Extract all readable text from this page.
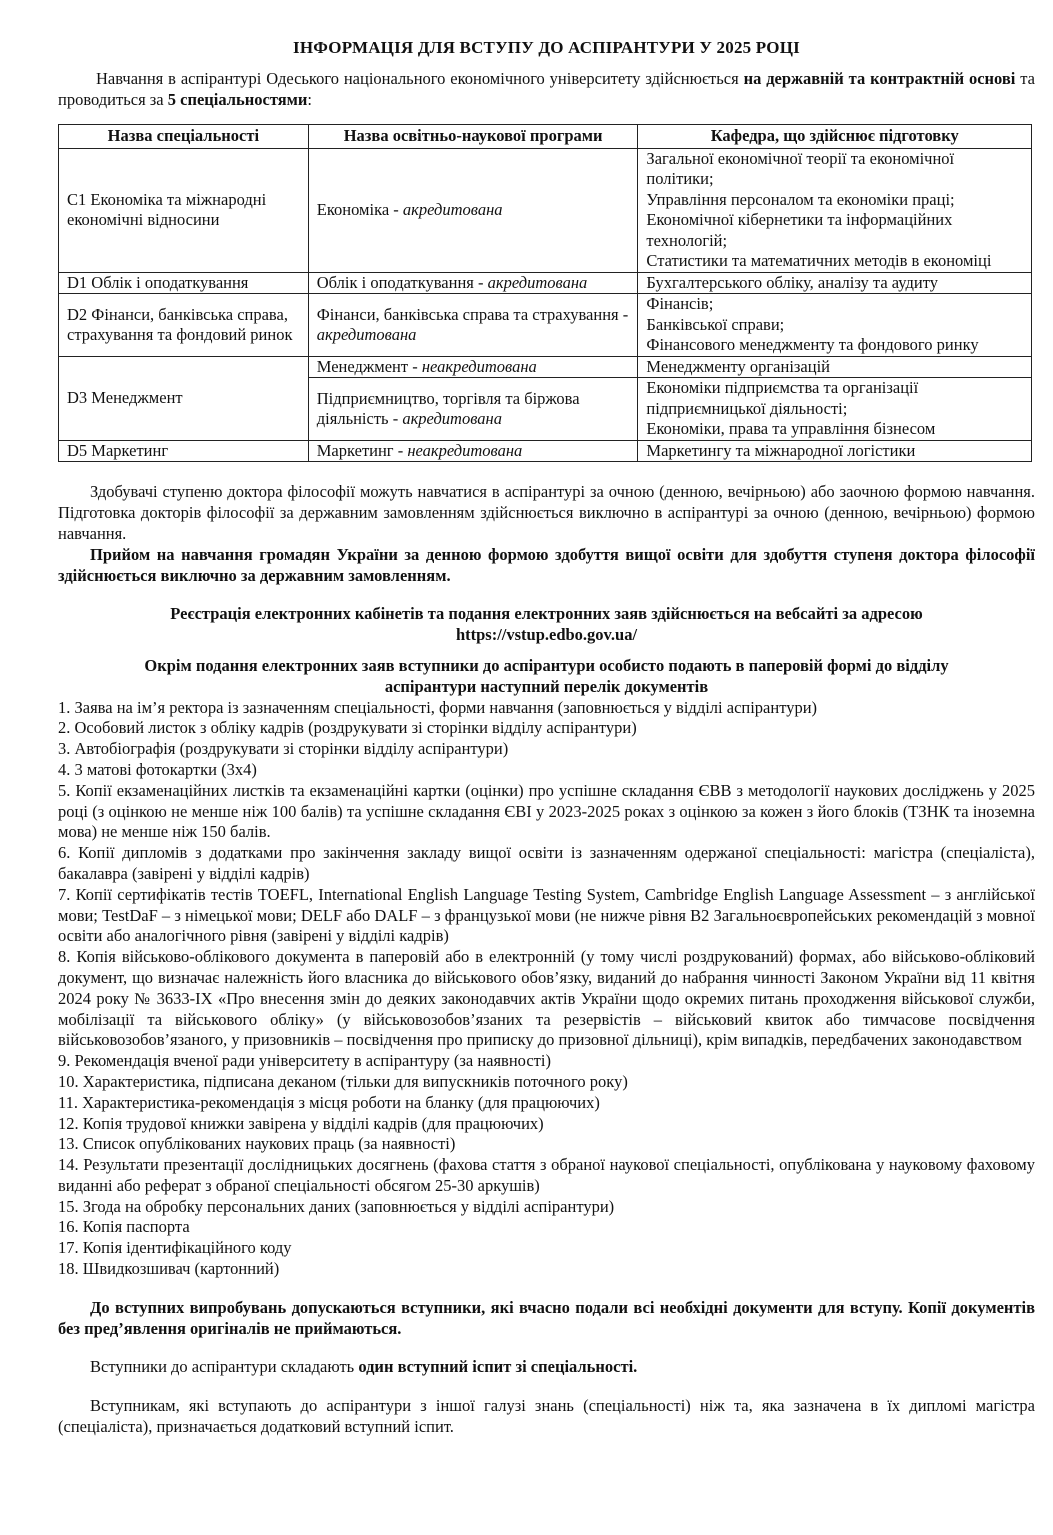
ІНФОРМАЦІЯ ДЛЯ ВСТУПУ ДО АСПІРАНТУРИ У 2025 РОЦІ

Навчання в аспірантурі Одеського національного економічного університету здійснюється на державній та контрактній основі та проводиться за 5 спеціальностями:

Назва спеціальності	Назва освітньо-наукової програми	Кафедра, що здійснює підготовку
С1 Економіка та міжнародні економічні відносини	Економіка - акредитована	Загальної економічної теорії та економічної політики;
Управління персоналом та економіки праці;
Економічної кібернетики та інформаційних технологій;
Статистики та математичних методів в економіці

D1 Облік і оподаткування	Облік і оподаткування - акредитована	Бухгалтерського обліку, аналізу та аудиту
D2 Фінанси, банківська справа, страхування та фондовий ринок	Фінанси, банківська справа та страхування - акредитована	Фінансів;
Банківської справи;
Фінансового менеджменту та фондового ринку

D3 Менеджмент	Менеджмент - неакредитована	Менеджменту організацій
	Підприємництво, торгівля та біржова діяльність - акредитована	Економіки підприємства та організації підприємницької діяльності;
Економіки, права та управління бізнесом

D5 Маркетинг	Маркетинг - неакредитована	Маркетингу та міжнародної логістики

Здобувачі ступеню доктора філософії можуть навчатися в аспірантурі за очною (денною, вечірньою) або заочною формою навчання. Підготовка докторів філософії за державним замовленням здійснюється виключно в аспірантурі за очною (денною, вечірньою) формою навчання.

Прийом на навчання громадян України за денною формою здобуття вищої освіти для здобуття ступеня доктора філософії здійснюється виключно за державним замовленням.

Реєстрація електронних кабінетів та подання електронних заяв здійснюється на вебсайті за адресою

https://vstup.edbo.gov.ua/

Окрім подання електронних заяв вступники до аспірантури особисто подають в паперовій формі до відділу

аспірантури наступний перелік документів

1. Заява на ім’я ректора із зазначенням спеціальності, форми навчання (заповнюється у відділі аспірантури)
2. Особовий листок з обліку кадрів (роздрукувати зі сторінки відділу аспірантури)
3. Автобіографія (роздрукувати зі сторінки відділу аспірантури)
4. 3 матові фотокартки (3х4)
5. Копії екзаменаційних листків та екзаменаційні картки (оцінки) про успішне складання ЄВВ з методології наукових досліджень у 2025 році (з оцінкою не менше ніж 100 балів) та успішне складання ЄВІ у 2023-2025 роках з оцінкою за кожен з його блоків (ТЗНК та іноземна мова) не менше ніж 150 балів.
6. Копії дипломів з додатками про закінчення закладу вищої освіти із зазначенням одержаної спеціальності: магістра (спеціаліста), бакалавра (завірені у відділі кадрів)
7. Копії сертифікатів тестів TOEFL, International English Language Testing System, Cambridge English Language Assessment – з англійської мови; TestDaF – з німецької мови; DELF або DALF – з французької мови (не нижче рівня В2 Загальноєвропейських рекомендацій з мовної освіти або аналогічного рівня (завірені у відділі кадрів)
8. Копія військово-облікового документа в паперовій або в електронній (у тому числі роздрукований) формах, або військово-обліковий документ, що визначає належність його власника до військового обов’язку, виданий до набрання чинності Законом України від 11 квітня 2024 року № 3633-IX «Про внесення змін до деяких законодавчих актів України щодо окремих питань проходження військової служби, мобілізації та військового обліку» (у військовозобов’язаних та резервістів – військовий квиток або тимчасове посвідчення військовозобов’язаного, у призовників – посвідчення про приписку до призовної дільниці), крім випадків, передбачених законодавством
9. Рекомендація вченої ради університету в аспірантуру (за наявності)
10. Характеристика, підписана деканом (тільки для випускників поточного року)
11. Характеристика-рекомендація з місця роботи на бланку (для працюючих)
12. Копія трудової книжки завірена у відділі кадрів (для працюючих)
13. Список опублікованих наукових праць (за наявності)
14. Результати презентації дослідницьких досягнень (фахова стаття з обраної наукової спеціальності, опублікована у науковому фаховому виданні або реферат з обраної спеціальності обсягом 25-30 аркушів)
15. Згода на обробку персональних даних (заповнюється у відділі аспірантури)
16. Копія паспорта
17. Копія ідентифікаційного коду
18. Швидкозшивач (картонний)

До вступних випробувань допускаються вступники, які вчасно подали всі необхідні документи для вступу. Копії документів без пред’явлення оригіналів не приймаються.

Вступники до аспірантури складають один вступний іспит зі спеціальності.

Вступникам, які вступають до аспірантури з іншої галузі знань (спеціальності) ніж та, яка зазначена в їх дипломі магістра (спеціаліста), призначається додатковий вступний іспит.
